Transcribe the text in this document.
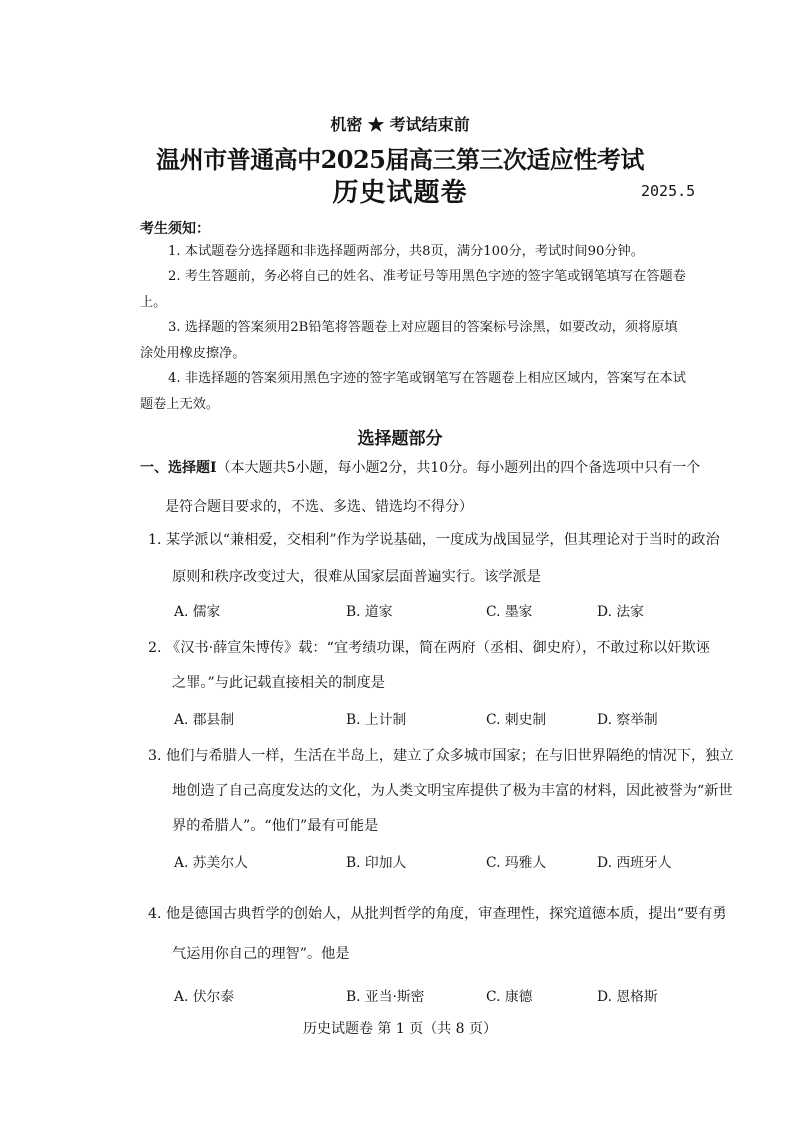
机密 ★ 考试结束前
温州市普通高中2025届高三第三次适应性考试
历史试题卷	2025.5
考生须知：
1. 本试题卷分选择题和非选择题两部分，共8页，满分100分，考试时间90分钟。
2. 考生答题前，务必将自己的姓名、准考证号等用黑色字迹的签字笔或钢笔填写在答题卷
上。
3. 选择题的答案须用2B铅笔将答题卷上对应题目的答案标号涂黑，如要改动，须将原填
涂处用橡皮擦净。
4. 非选择题的答案须用黑色字迹的签字笔或钢笔写在答题卷上相应区域内，答案写在本试
题卷上无效。
选择题部分
一、选择题Ⅰ（本大题共5小题，每小题2分，共10分。每小题列出的四个备选项中只有一个
是符合题目要求的，不选、多选、错选均不得分）
1. 某学派以“兼相爱，交相利”作为学说基础，一度成为战国显学，但其理论对于当时的政治
原则和秩序改变过大，很难从国家层面普遍实行。该学派是
A. 儒家	B. 道家	C. 墨家	D. 法家
2. 《汉书·薛宣朱博传》载：“宜考绩功课，简在两府（丞相、御史府），不敢过称以奸欺诬
之罪。”与此记载直接相关的制度是
A. 郡县制	B. 上计制	C. 刺史制	D. 察举制
3. 他们与希腊人一样，生活在半岛上，建立了众多城市国家；在与旧世界隔绝的情况下，独立
地创造了自己高度发达的文化，为人类文明宝库提供了极为丰富的材料，因此被誉为“新世
界的希腊人”。“他们”最有可能是
A. 苏美尔人	B. 印加人	C. 玛雅人	D. 西班牙人
4. 他是德国古典哲学的创始人，从批判哲学的角度，审查理性，探究道德本质，提出“要有勇
气运用你自己的理智”。他是
A. 伏尔泰	B. 亚当·斯密	C. 康德	D. 恩格斯
历史试题卷 第 1 页（共 8 页）
